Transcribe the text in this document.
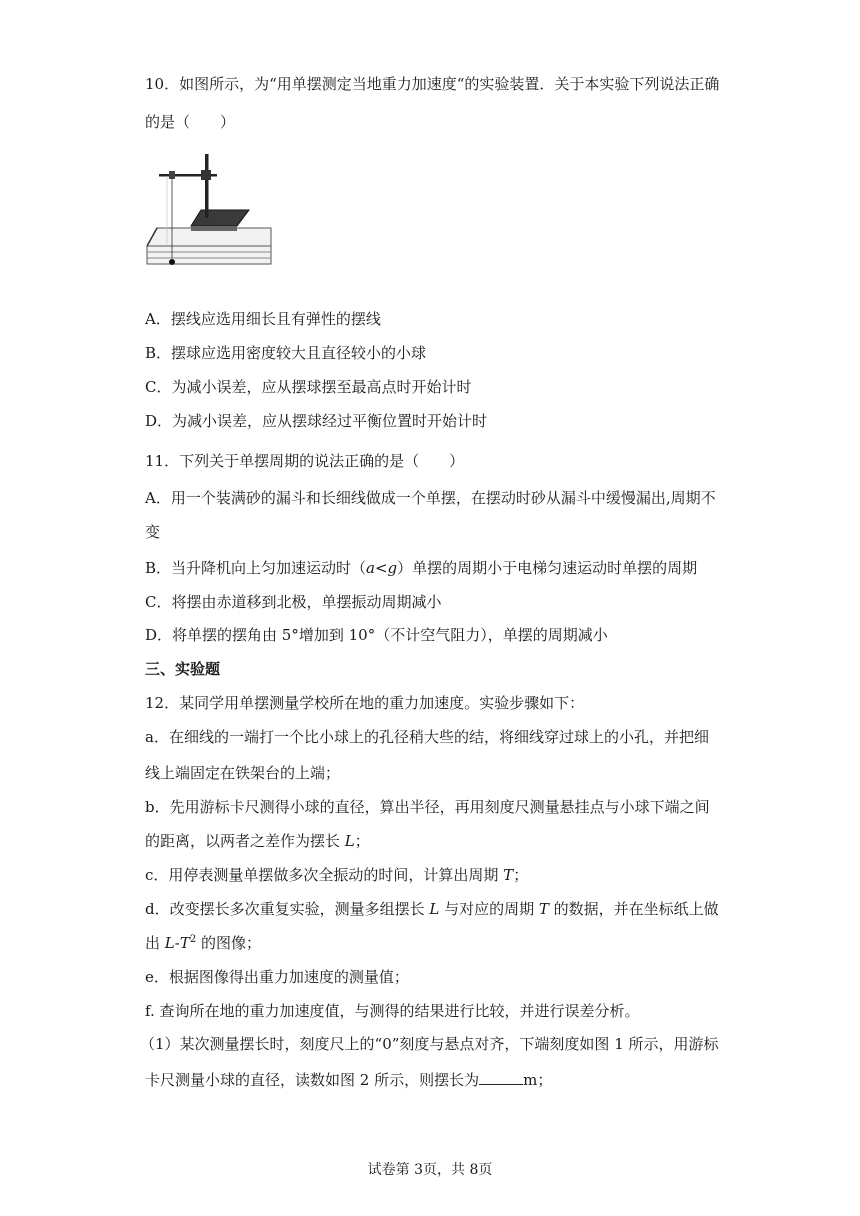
10．如图所示，为“用单摆测定当地重力加速度“的实验装置．关于本实验下列说法正确
的是（　　）
A．摆线应选用细长且有弹性的摆线
B．摆球应选用密度较大且直径较小的小球
C．为减小误差，应从摆球摆至最高点时开始计时
D．为减小误差，应从摆球经过平衡位置时开始计时
11．下列关于单摆周期的说法正确的是（　　）
A．用一个装满砂的漏斗和长细线做成一个单摆，在摆动时砂从漏斗中缓慢漏出,周期不
变
B．当升降机向上匀加速运动时（a<g）单摆的周期小于电梯匀速运动时单摆的周期
C．将摆由赤道移到北极，单摆振动周期减小
D．将单摆的摆角由 5°增加到 10°（不计空气阻力），单摆的周期减小
三、实验题
12．某同学用单摆测量学校所在地的重力加速度。实验步骤如下：
a．在细线的一端打一个比小球上的孔径稍大些的结，将细线穿过球上的小孔，并把细
线上端固定在铁架台的上端；
b．先用游标卡尺测得小球的直径，算出半径，再用刻度尺测量悬挂点与小球下端之间
的距离，以两者之差作为摆长 L；
c．用停表测量单摆做多次全振动的时间，计算出周期 T；
d．改变摆长多次重复实验，测量多组摆长 L 与对应的周期 T 的数据，并在坐标纸上做
出 $L-T^2$ 的图像；
e．根据图像得出重力加速度的测量值；
f. 查询所在地的重力加速度值，与测得的结果进行比较，并进行误差分析。
（1）某次测量摆长时，刻度尺上的“0”刻度与悬点对齐，下端刻度如图 1 所示，用游标
卡尺测量小球的直径，读数如图 2 所示，则摆长为	m；
试卷第 3页，共 8页
